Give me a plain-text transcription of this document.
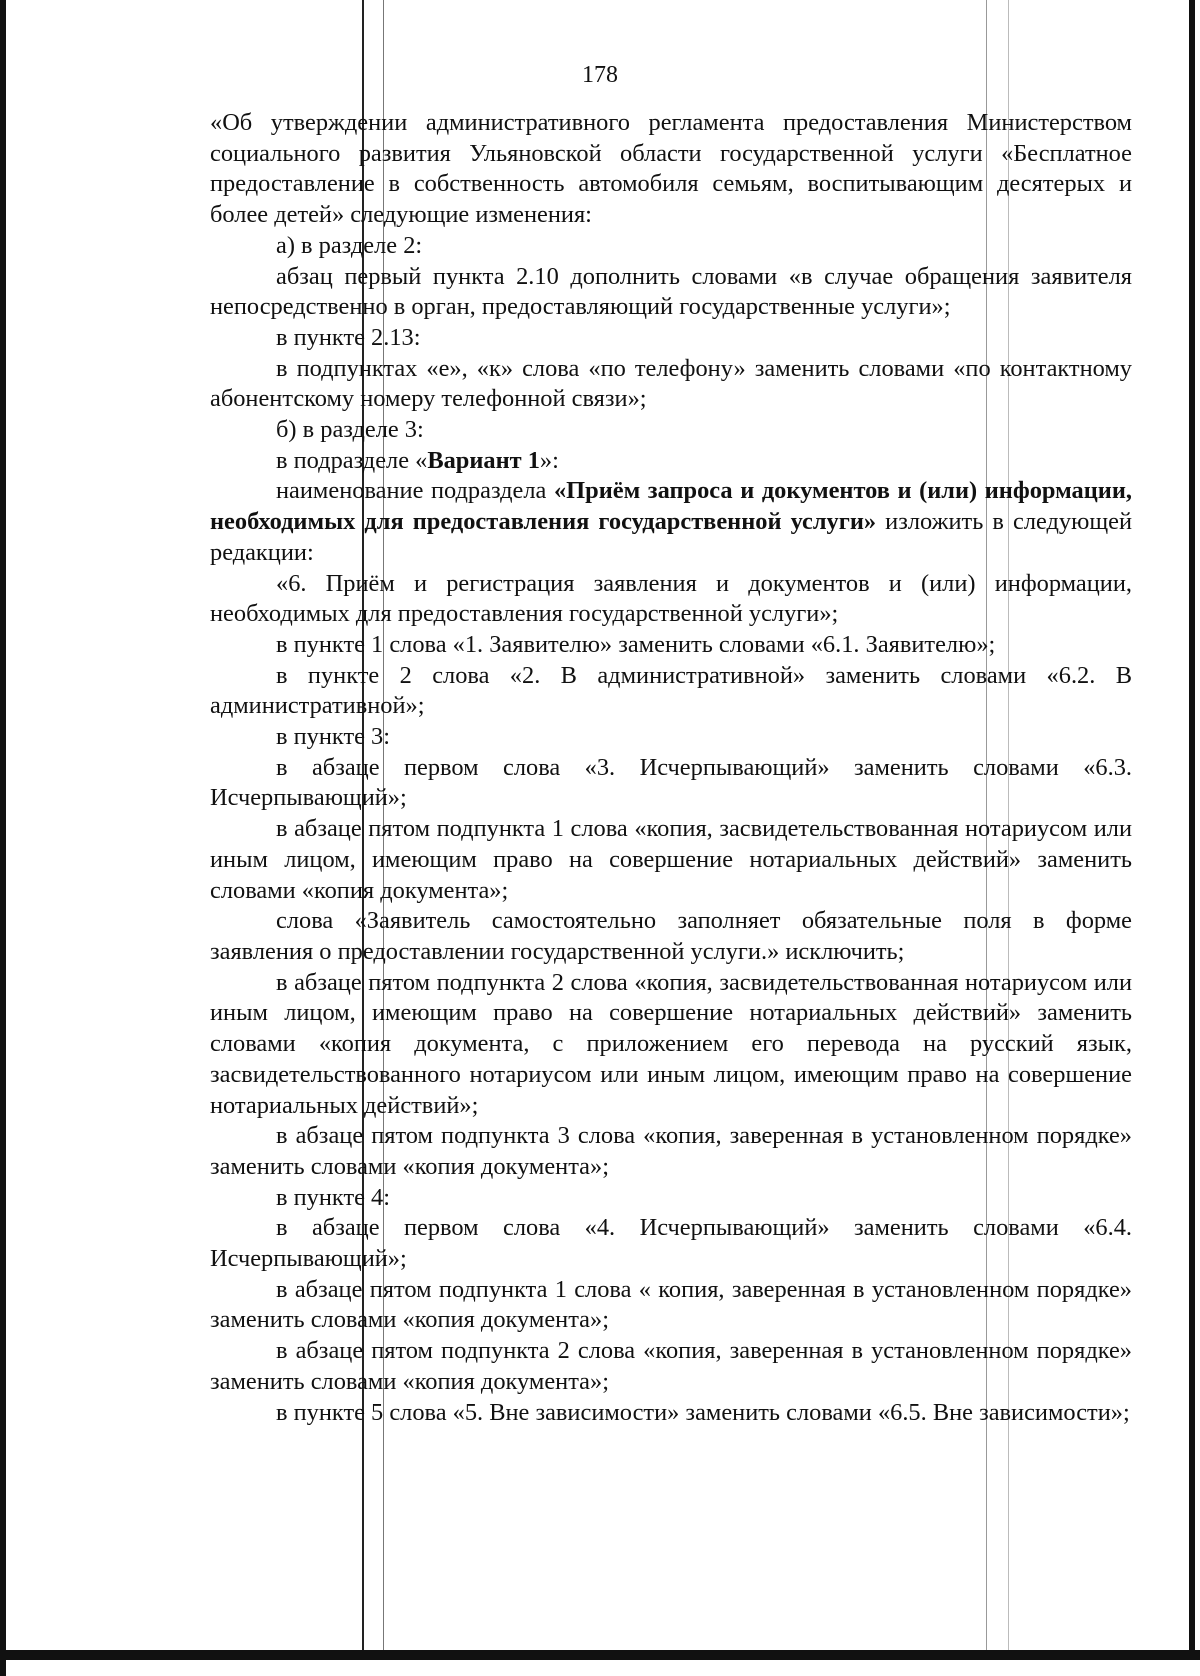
178

«Об утверждении административного регламента предоставления Министерством социального развития Ульяновской области государственной услуги «Бесплатное предоставление в собственность автомобиля семьям, воспитывающим десятерых и более детей» следующие изменения:

а) в разделе 2:

абзац первый пункта 2.10 дополнить словами «в случае обращения заявителя непосредственно в орган, предоставляющий государственные услуги»;

в пункте 2.13:

в подпунктах «е», «к» слова «по телефону» заменить словами «по контактному абонентскому номеру телефонной связи»;

б) в разделе 3:

в подразделе «Вариант 1»:

наименование подраздела «Приём запроса и документов и (или) информации, необходимых для предоставления государственной услуги» изложить в следующей редакции:

«6. Приём и регистрация заявления и документов и (или) информации, необходимых для предоставления государственной услуги»;

в пункте 1 слова «1. Заявителю» заменить словами «6.1. Заявителю»;

в пункте 2 слова «2. В административной» заменить словами «6.2. В административной»;

в пункте 3:

в абзаце первом слова «3. Исчерпывающий» заменить словами «6.3. Исчерпывающий»;

в абзаце пятом подпункта 1 слова «копия, засвидетельствованная нотариусом или иным лицом, имеющим право на совершение нотариальных действий» заменить словами «копия документа»;

слова «Заявитель самостоятельно заполняет обязательные поля в форме заявления о предоставлении государственной услуги.» исключить;

в абзаце пятом подпункта 2 слова «копия, засвидетельствованная нотариусом или иным лицом, имеющим право на совершение нотариальных действий» заменить словами «копия документа, с приложением его перевода на русский язык, засвидетельствованного нотариусом или иным лицом, имеющим право на совершение нотариальных действий»;

в абзаце пятом подпункта 3 слова «копия, заверенная в установленном порядке» заменить словами «копия документа»;

в пункте 4:

в абзаце первом слова «4. Исчерпывающий» заменить словами «6.4. Исчерпывающий»;

в абзаце пятом подпункта 1 слова « копия, заверенная в установленном порядке» заменить словами «копия документа»;

в абзаце пятом подпункта 2 слова «копия, заверенная в установленном порядке» заменить словами «копия документа»;

в пункте 5 слова «5. Вне зависимости» заменить словами «6.5. Вне зависимости»;
